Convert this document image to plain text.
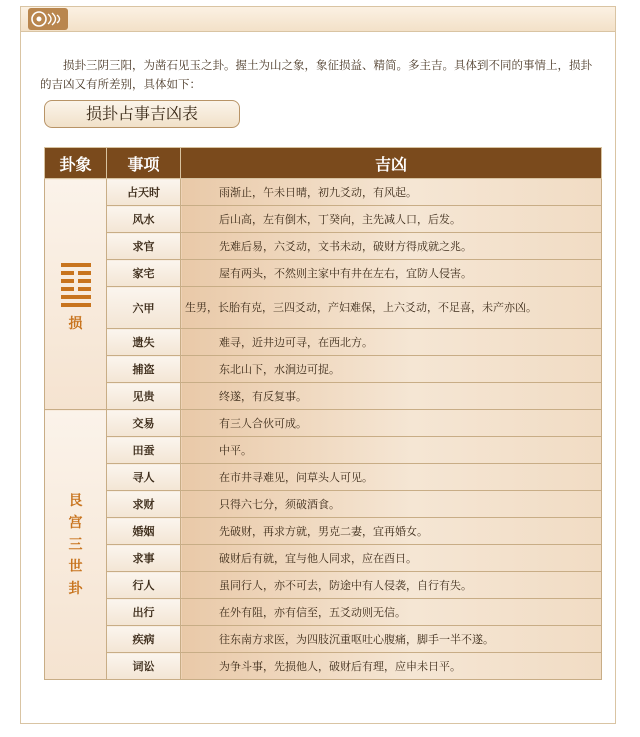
损卦三阴三阳，为凿石见玉之卦。握土为山之象，象征损益、精简。多主吉。具体到不同的事情上，损卦的吉凶又有所差别，具体如下：

损卦占事吉凶表
卦象	事项	吉凶

损	占天时	雨渐止，午未日晴，初九爻动，有风起。
	风水	后山高，左有倒木，丁癸向，主先减人口，后发。
	求官	先难后易，六爻动，文书未动，破财方得成就之兆。
	家宅	屋有两头，不然则主家中有井在左右，宜防人侵害。
	六甲	生男，长胎有克，三四爻动，产妇难保，上六爻动，不足喜，未产亦凶。
	遗失	难寻，近井边可寻，在西北方。
	捕盗	东北山下，水涧边可捉。
	见贵	终遂，有反复事。

艮宫三世卦	交易	有三人合伙可成。
	田蚕	中平。
	寻人	在市井寻难见，问草头人可见。
	求财	只得六七分，须破酒食。
	婚姻	先破财，再求方就，男克二妻，宜再婚女。
	求事	破财后有就，宜与他人同求，应在酉日。
	行人	虽同行人，亦不可去，防途中有人侵袭，自行有失。
	出行	在外有阻，亦有信至，五爻动则无信。
	疾病	往东南方求医，为四肢沉重呕吐心腹痛，脚手一半不遂。
	词讼	为争斗事，先损他人，破财后有理，应申未日平。
